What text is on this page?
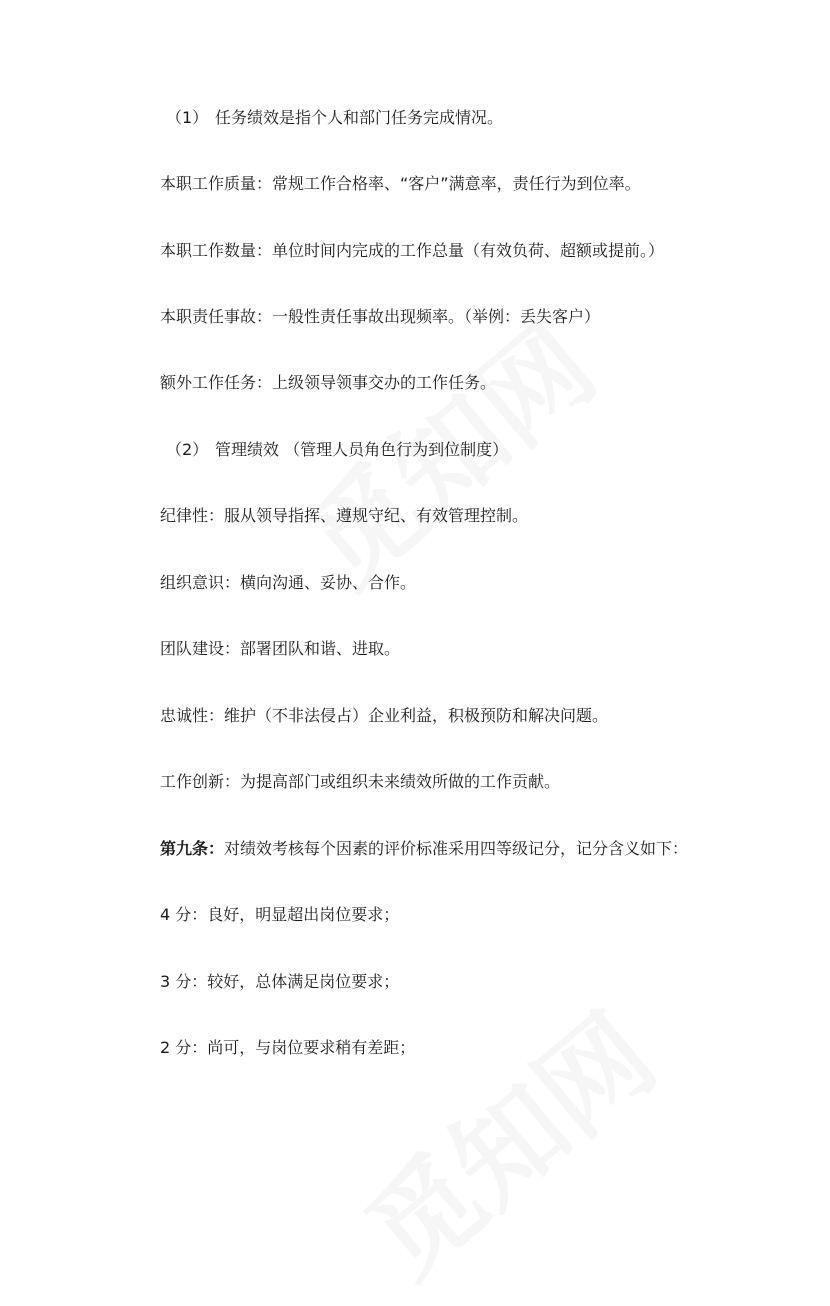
（1） 任务绩效是指个人和部门任务完成情况。
本职工作质量：常规工作合格率、“客户”满意率，责任行为到位率。
本职工作数量：单位时间内完成的工作总量（有效负荷、超额或提前。）
本职责任事故：一般性责任事故出现频率。（举例：丢失客户）
额外工作任务：上级领导领事交办的工作任务。
（2） 管理绩效 （管理人员角色行为到位制度）
纪律性：服从领导指挥、遵规守纪、有效管理控制。
组织意识：横向沟通、妥协、合作。
团队建设：部署团队和谐、进取。
忠诚性：维护（不非法侵占）企业利益，积极预防和解决问题。
工作创新：为提高部门或组织未来绩效所做的工作贡献。
第九条：对绩效考核每个因素的评价标准采用四等级记分，记分含义如下：
4 分：良好，明显超出岗位要求；
3 分：较好，总体满足岗位要求；
2 分：尚可，与岗位要求稍有差距；
